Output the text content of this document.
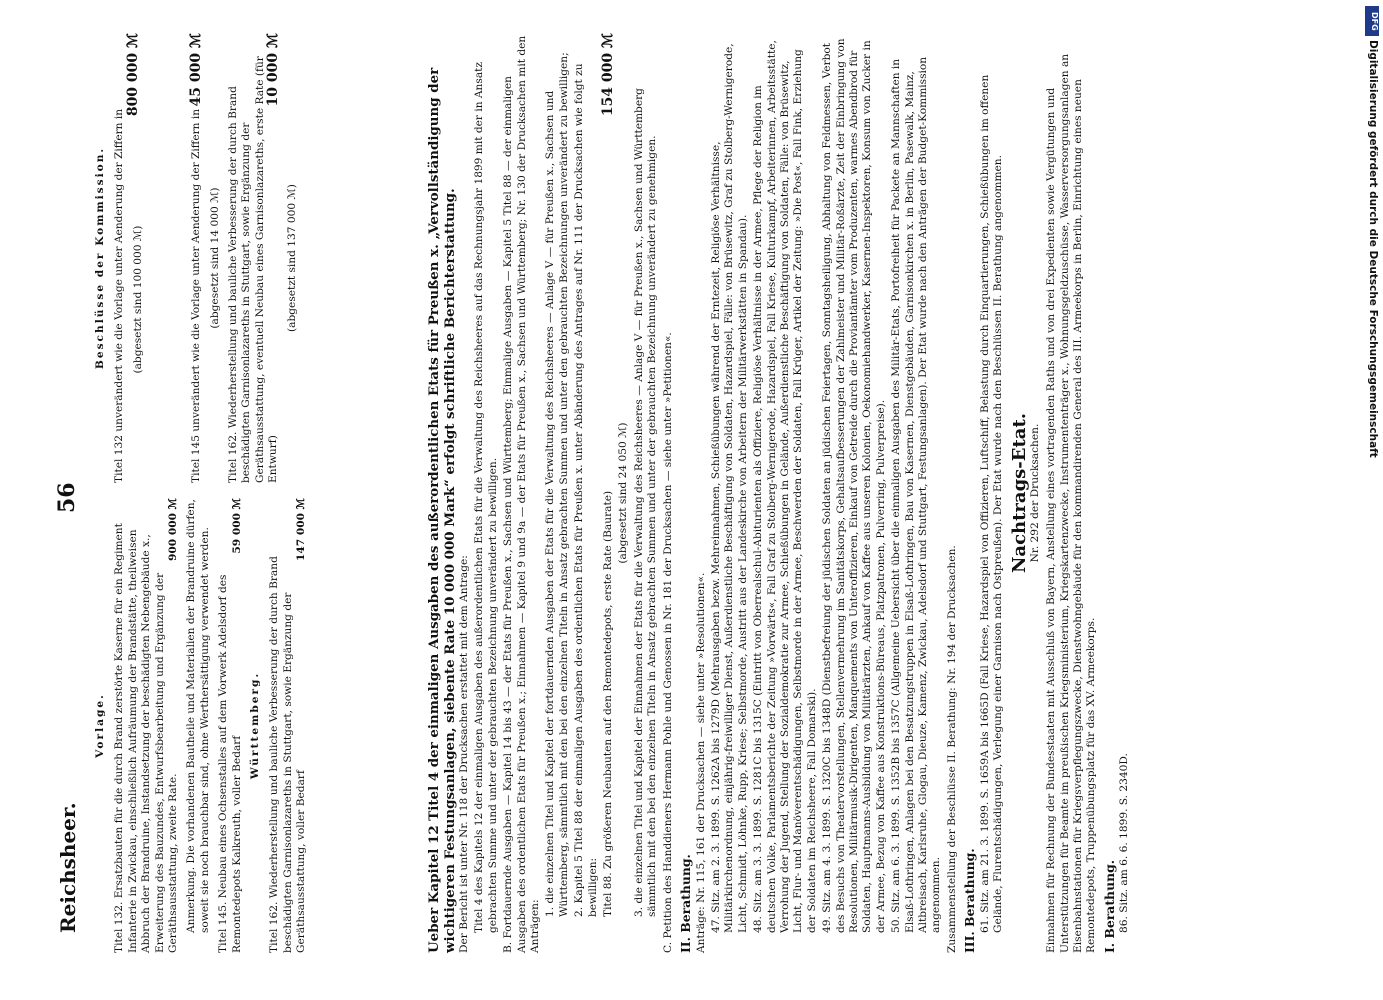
Reichsheer.
56
Vorlage. Titel 132. Ersatzbauten für die durch Brand zerstörte Kaserne für ein Regiment Infanterie in Zwickau, einschließlich Aufräumung der Brandstätte, theilweisen Abbruch der Brandruine, Instandsetzung der beschädigten Nebengebäude x., Erweiterung des Bauzundes, Entwurfsbearbeitung und Ergänzung der Geräthsausstattung, zweite Rate.
900 000 ℳ Anmerkung. Die vorhandenen Bautheile und Materialien der Brandruine dürfen, soweit sie noch brauchbar sind, ohne Werthersättigung verwendet werden. Titel 145. Neubau eines Ochsenstalles auf dem Vorwerk Adelsdorf des Remontedepots Kalkreuth, voller Bedarf
59 000 ℳ
Württemberg. Titel 162. Wiederherstellung und bauliche Verbesserung der durch Brand beschädigten Garnisonlazareths in Stuttgart, sowie Ergänzung der Geräthsausstattung, voller Bedarf
147 000 ℳ
Beschlüsse der Kommission. Titel 132 unverändert wie die Vorlage unter Aenderung der Ziffern in
800 000 ℳ
(abgesetzt sind 100 000 ℳ)	Titel 145 unverändert wie die Vorlage unter Aenderung der Ziffern in
45 000 ℳ
(abgesetzt sind 14 000 ℳ) Titel 162. Wiederherstellung und bauliche Verbesserung der durch Brand beschädigten Garnisonlazareths in Stuttgart, sowie Ergänzung der Geräthsausstattung, eventuell Neubau eines Garnisonlazareths, erste Rate (für Entwurf)
10 000 ℳ
(abgesetzt sind 137 000 ℳ)	Ueber Kapitel 12 Titel 4 der einmaligen Ausgaben des außerordentlichen Etats für Preußen x. „Vervollständigung der wichtigeren Festungsanlagen, siebente Rate 10 000 000 Mark“ erfolgt schriftliche Berichterstattung.
Der Bericht ist unter Nr. 118 der Drucksachen erstattet mit dem Antrage: Titel 4 des Kapitels 12 der einmaligen Ausgaben des außerordentlichen Etats für die Verwaltung des Reichsheeres auf das Rechnungsjahr 1899 mit der in Ansatz gebrachten Summe und unter der gebrauchten Bezeichnung unverändert zu bewilligen. B. Fortdauernde Ausgaben — Kapitel 14 bis 43 — der Etats für Preußen x., Sachsen und Württemberg; Einmalige Ausgaben — Kapitel 5 Titel 88 — der einmaligen Ausgaben des ordentlichen Etats für Preußen x.; Einnahmen — Kapitel 9 und 9a — der Etats für Preußen x., Sachsen und Württemberg; Nr. 130 der Drucksachen mit den Anträgen:
1. die einzelnen Titel und Kapitel der fortdauernden Ausgaben der Etats für die Verwaltung des Reichsheeres — Anlage V — für Preußen x., Sachsen und Württemberg, sämmtlich mit den bei den einzelnen Titeln in Ansatz gebrachten Summen und unter den gebrauchten Bezeichnungen unverändert zu bewilligen; 2. Kapitel 5 Titel 88 der einmaligen Ausgaben des ordentlichen Etats für Preußen x. unter Abänderung des Antrages auf Nr. 111 der Drucksachen wie folgt zu bewilligen: Titel 88. Zu größeren Neubauten auf den Remontedepots, erste Rate (Baurate)
154 000 ℳ
(abgesetzt sind 24 050 ℳ) 3. die einzelnen Titel und Kapitel der Einnahmen der Etats für die Verwaltung des Reichsheeres — Anlage V — für Preußen x., Sachsen und Württemberg sämmtlich mit den bei den einzelnen Titeln in Ansatz gebrachten Summen und unter der gebrauchten Bezeichnung unverändert zu genehmigen. C. Petition des Handdieners Hermann Pohle und Genossen in Nr. 181 der Drucksachen — siehe unter »Petitionen«. II. Berathung. Anträge: Nr. 115, 161 der Drucksachen — siehe unter »Resolutionen«. 47. Sitz. am 2. 3. 1899. S. 1262A bis 1279D (Mehrausgaben bezw. Mehreinnahmen, Schießübungen während der Erntezeit, Religiöse Verhältnisse, Militärkirchenordnung, einjährig-freiwilliger Dienst, Außerdienstliche Beschäftigung von Soldaten, Hazardspiel, Fälle: von Brüsewitz, Graf zu Stolberg-Wernigerode, Licht, Schmidt, Löhnke, Rupp, Kriese; Selbstmorde, Austritt aus der Landeskirche von Arbeitern der Militärwerkstätten in Spandau). 48. Sitz. am 3. 3. 1899. S. 1281C bis 1315C (Eintritt von Oberrealschul-Abiturienten als Offiziere, Religiöse Verhältnisse in der Armee, Pflege der Religion im deutschen Volke, Parlamentsberichte der Zeitung »Vorwärts«, Fall Graf zu Stolberg-Wernigerode, Hazardspiel, Fall Kriese, Kulturkampf, Arbeiterinnen, Arbeitsstätte, Verrohung der Jugend, Stellung der Sozialdemokratie zur Armee, Schießübungen in Gelände, Außerdienstliche Beschäftigung von Soldaten, Fälle: von Brüsewitz, Licht, Flur- und Manöverentschädigungen, Selbstmorde in der Armee, Beschwerden der Soldaten, Fall Krüger, Artikel der Zeitung: »Die Post«, Fall Fink, Erziehung der Soldaten im Reichsheere, Fall Domarski). 49. Sitz. am 4. 3. 1899. S. 1320C bis 1348D (Dienstbefreiung der jüdischen Soldaten an jüdischen Feiertagen, Sonntagsheiligung, Abhaltung von Feldmessen, Verbot des Besuchs von Theatervorstellungen, Stellenvermehrung im Sanitätskorps, Gehaltsaufbesserungen der Zahlmeister und Militär-Roßärzte, Zeit der Einbringung von Resolutionen, Militärmusik-Dirigenten, Manquements von Unteroffizieren, Einkauf von Getreide durch die Proviantämter vom Produzenten, warmes Abendbrod für Soldaten, Hauptmanns-Ausbildung von Militärärzten, Ankauf von Kaffee aus unseren Kolonien, Oekonomiehandwerker, Kasernen-Inspektoren, Konsum von Zucker in der Armee, Bezug von Kaffee aus Konstruktions-Büreaus, Platzpatronen, Pulverring, Pulverpreise). 50. Sitz. am 6. 3. 1899. S. 1352B bis 1357C (Allgemeine Uebersicht über die einmaligen Ausgaben des Militär-Etats, Portofreiheit für Packete an Mannschaften in Elsaß-Lothringen, Anlagen bei den Besatzungstruppen in Elsaß-Lothringen, Bau von Kasernen, Dienstgebäuden, Garnisonkirchen x. in Berlin, Pasewalk, Mainz, Altbreisach, Karlsruhe, Glogau, Dieuze, Kamenz, Zwickau, Adelsdorf und Stuttgart, Festungsanlagen). Der Etat wurde nach den Anträgen der Budget-Kommission angenommen. Zusammenstellung der Beschlüsse II. Berathung: Nr. 194 der Drucksachen. III. Berathung. 61. Sitz. am 21. 3. 1899. S. 1659A bis 1665D (Fall Kriese, Hazardspiel von Offizieren, Luftschiff, Belastung durch Einquartierungen, Schießübungen im offenen Gelände, Flurentschädigungen, Verlegung einer Garnison nach Ostpreußen). Der Etat wurde nach den Beschlüssen II. Berathung angenommen. Nachtrags-Etat.
Nr. 292 der Drucksachen. Einnahmen für Rechnung der Bundesstaaten mit Ausschluß von Bayern, Anstellung eines vortragenden Raths und von drei Expedienten sowie Vergütungen und Unterstützungen für Beamte im preußischen Kriegsministerium, Kriegskartenzwecke, Instrumententräger x., Wohnungsgeldzuschüsse, Wasserversorgungsanlagen an Eisenbahnstationen für Kriegsverpflegungszwecke, Dienstwohngebäude für den kommandirenden General des III. Armeekorps in Berlin, Einrichtung eines neuen Remontedepots, Truppenübungsplatz für das XV. Armeekorps. I. Berathung. 86. Sitz. am 6. 6. 1899. S. 2340D.
DFG
Digitalisierung gefördert durch die Deutsche Forschungsgemeinschaft
